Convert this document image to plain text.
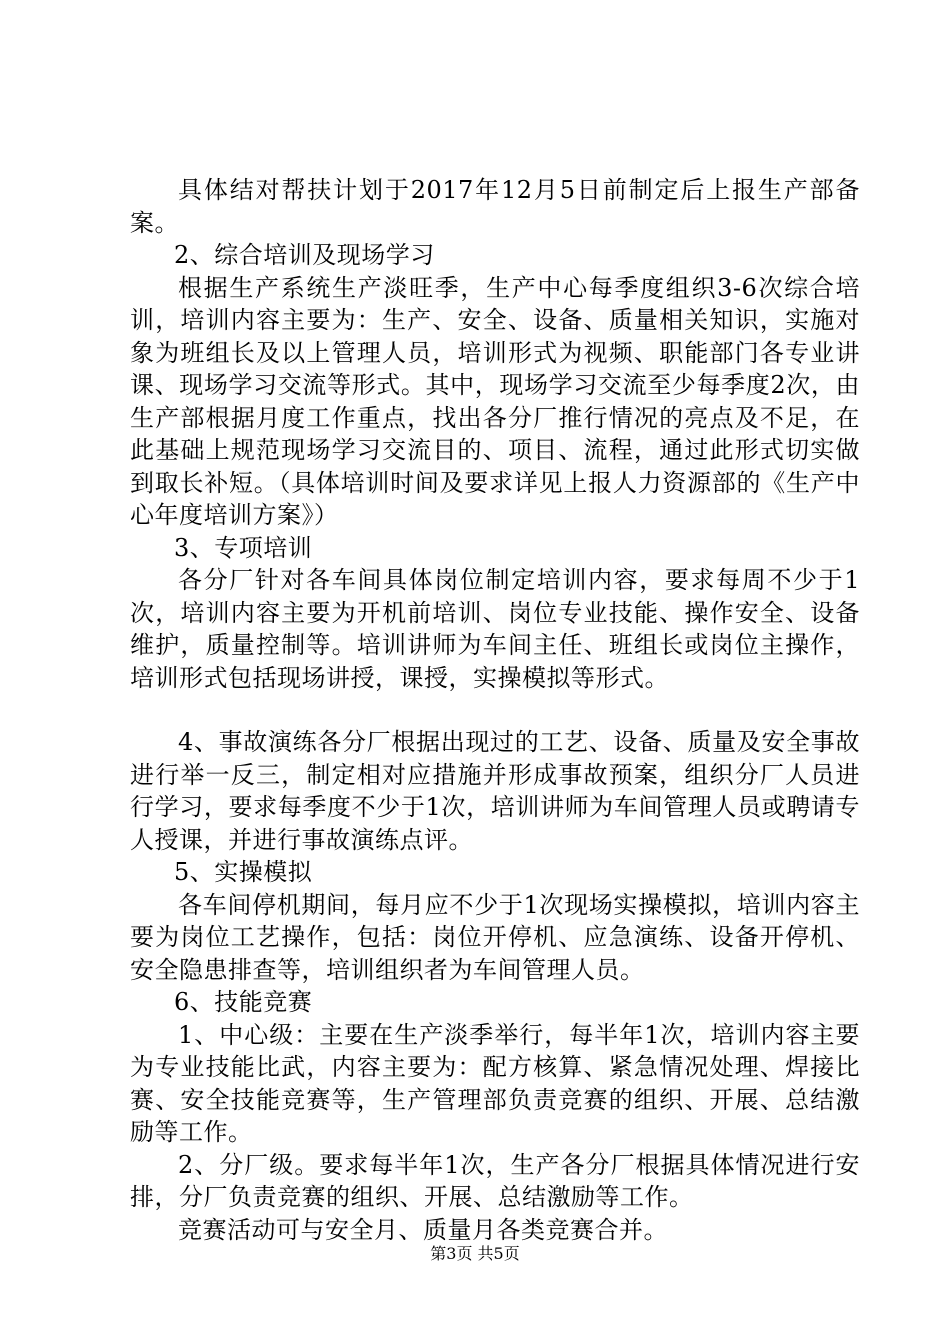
具体结对帮扶计划于2017年12月5日前制定后上报生产部备案。

2、综合培训及现场学习

根据生产系统生产淡旺季，生产中心每季度组织3-6次综合培训，培训内容主要为：生产、安全、设备、质量相关知识，实施对象为班组长及以上管理人员，培训形式为视频、职能部门各专业讲课、现场学习交流等形式。其中，现场学习交流至少每季度2次，由生产部根据月度工作重点，找出各分厂推行情况的亮点及不足，在此基础上规范现场学习交流目的、项目、流程，通过此形式切实做到取长补短。（具体培训时间及要求详见上报人力资源部的《生产中心年度培训方案》）

3、专项培训

各分厂针对各车间具体岗位制定培训内容，要求每周不少于1次，培训内容主要为开机前培训、岗位专业技能、操作安全、设备维护，质量控制等。培训讲师为车间主任、班组长或岗位主操作，培训形式包括现场讲授，课授，实操模拟等形式。

4、事故演练各分厂根据出现过的工艺、设备、质量及安全事故进行举一反三，制定相对应措施并形成事故预案，组织分厂人员进行学习，要求每季度不少于1次，培训讲师为车间管理人员或聘请专人授课，并进行事故演练点评。

5、实操模拟

各车间停机期间，每月应不少于1次现场实操模拟，培训内容主要为岗位工艺操作，包括：岗位开停机、应急演练、设备开停机、安全隐患排查等，培训组织者为车间管理人员。

6、技能竞赛

1、中心级：主要在生产淡季举行，每半年1次，培训内容主要为专业技能比武，内容主要为：配方核算、紧急情况处理、焊接比赛、安全技能竞赛等，生产管理部负责竞赛的组织、开展、总结激励等工作。

2、分厂级。要求每半年1次，生产各分厂根据具体情况进行安排，分厂负责竞赛的组织、开展、总结激励等工作。

竞赛活动可与安全月、质量月各类竞赛合并。

第3页 共5页
